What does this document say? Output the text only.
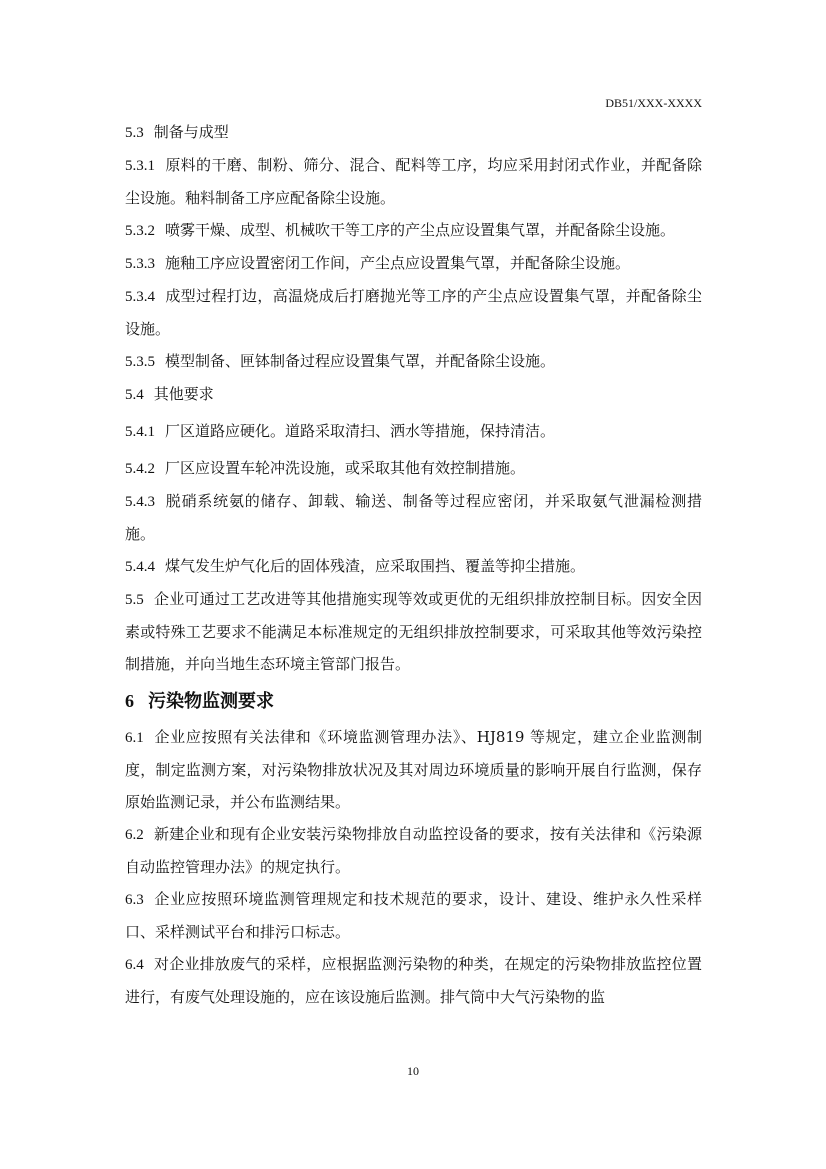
DB51/XXX-XXXX

5.3 制备与成型

5.3.1 原料的干磨、制粉、筛分、混合、配料等工序，均应采用封闭式作业，并配备除尘设施。釉料制备工序应配备除尘设施。

5.3.2 喷雾干燥、成型、机械吹干等工序的产尘点应设置集气罩，并配备除尘设施。

5.3.3 施釉工序应设置密闭工作间，产尘点应设置集气罩，并配备除尘设施。

5.3.4 成型过程打边，高温烧成后打磨抛光等工序的产尘点应设置集气罩，并配备除尘设施。

5.3.5 模型制备、匣钵制备过程应设置集气罩，并配备除尘设施。

5.4 其他要求

5.4.1 厂区道路应硬化。道路采取清扫、洒水等措施，保持清洁。

5.4.2 厂区应设置车轮冲洗设施，或采取其他有效控制措施。

5.4.3 脱硝系统氨的储存、卸载、输送、制备等过程应密闭，并采取氨气泄漏检测措施。

5.4.4 煤气发生炉气化后的固体残渣，应采取围挡、覆盖等抑尘措施。

5.5 企业可通过工艺改进等其他措施实现等效或更优的无组织排放控制目标。因安全因素或特殊工艺要求不能满足本标准规定的无组织排放控制要求，可采取其他等效污染控制措施，并向当地生态环境主管部门报告。

6 污染物监测要求

6.1 企业应按照有关法律和《环境监测管理办法》、HJ819 等规定，建立企业监测制度，制定监测方案，对污染物排放状况及其对周边环境质量的影响开展自行监测，保存原始监测记录，并公布监测结果。

6.2 新建企业和现有企业安装污染物排放自动监控设备的要求，按有关法律和《污染源自动监控管理办法》的规定执行。

6.3 企业应按照环境监测管理规定和技术规范的要求，设计、建设、维护永久性采样口、采样测试平台和排污口标志。

6.4 对企业排放废气的采样，应根据监测污染物的种类，在规定的污染物排放监控位置进行，有废气处理设施的，应在该设施后监测。排气筒中大气污染物的监

10
